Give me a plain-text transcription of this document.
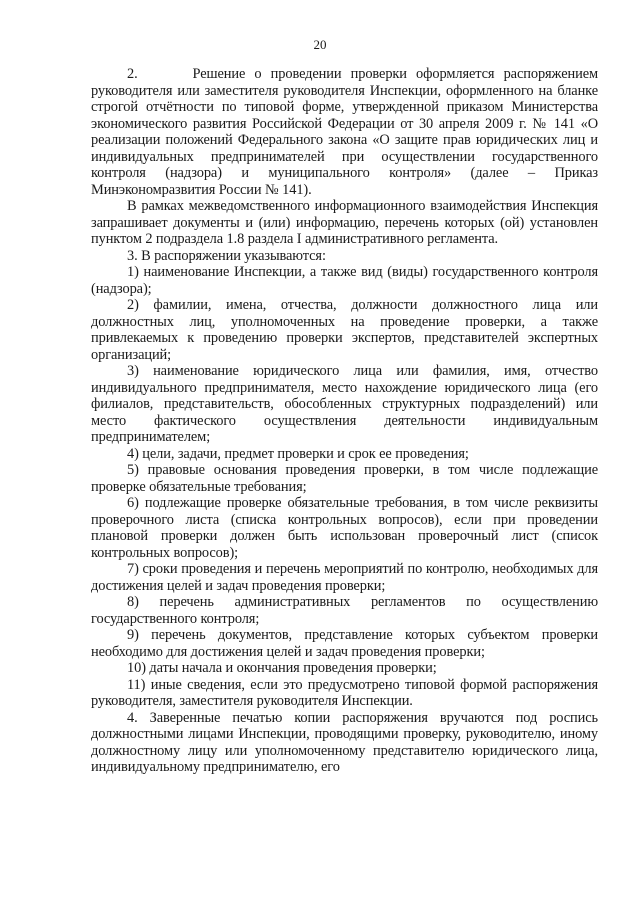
20

2.      Решение о проведении проверки оформляется распоряжением руководителя или заместителя руководителя Инспекции, оформленного на бланке строгой отчётности по типовой форме, утвержденной приказом Министерства экономического развития Российской Федерации от 30 апреля 2009 г. № 141 «О реализации положений Федерального закона «О защите прав юридических лиц и индивидуальных предпринимателей при осуществлении государственного контроля (надзора) и муниципального контроля» (далее – Приказ Минэкономразвития России № 141).

В рамках межведомственного информационного взаимодействия Инспекция запрашивает документы и (или) информацию, перечень которых (ой) установлен пунктом 2 подраздела 1.8 раздела I административного регламента.

3. В распоряжении указываются:

1) наименование Инспекции, а также вид (виды) государственного контроля (надзора);

2) фамилии, имена, отчества, должности должностного лица или должностных лиц, уполномоченных на проведение проверки, а также привлекаемых к проведению проверки экспертов, представителей экспертных организаций;

3) наименование юридического лица или фамилия, имя, отчество индивидуального предпринимателя, место нахождение юридического лица (его филиалов, представительств, обособленных структурных подразделений) или место фактического осуществления деятельности индивидуальным предпринимателем;

4) цели, задачи, предмет проверки и срок ее проведения;

5) правовые основания проведения проверки, в том числе подлежащие проверке обязательные требования;

6) подлежащие проверке обязательные требования, в том числе реквизиты проверочного листа (списка контрольных вопросов), если при проведении плановой проверки должен быть использован проверочный лист (список контрольных вопросов);

7) сроки проведения и перечень мероприятий по контролю, необходимых для достижения целей и задач проведения проверки;

8) перечень административных регламентов по осуществлению государственного контроля;

9) перечень документов, представление которых субъектом проверки необходимо для достижения целей и задач проведения проверки;

10) даты начала и окончания проведения проверки;

11) иные сведения, если это предусмотрено типовой формой распоряжения руководителя, заместителя руководителя Инспекции.

4. Заверенные печатью копии распоряжения вручаются под роспись должностными лицами Инспекции, проводящими проверку, руководителю, иному должностному лицу или уполномоченному представителю юридического лица, индивидуальному предпринимателю, его
